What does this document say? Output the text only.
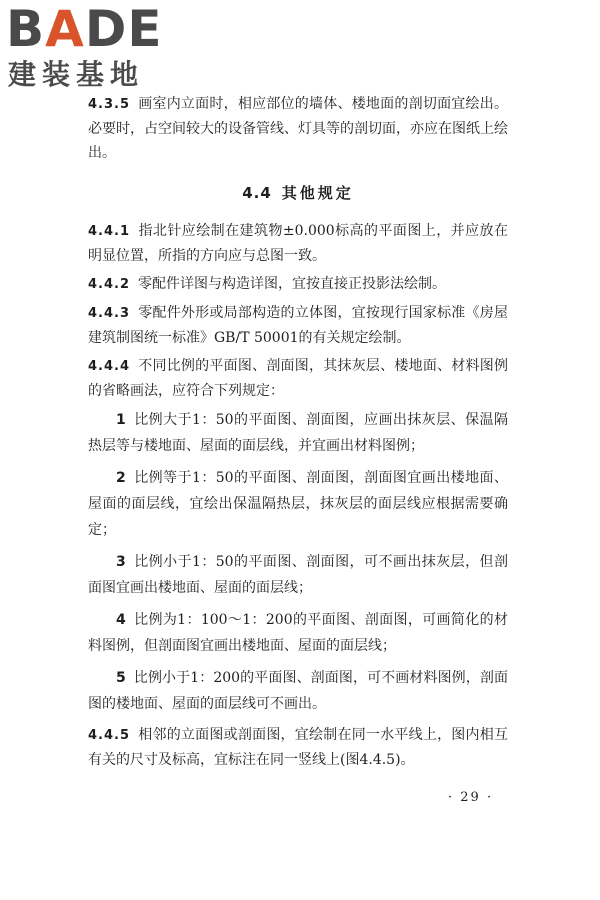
BADE
建装基地

4.3.5 画室内立面时，相应部位的墙体、楼地面的剖切面宜绘出。必要时，占空间较大的设备管线、灯具等的剖切面，亦应在图纸上绘出。

4.4 其他规定

4.4.1 指北针应绘制在建筑物±0.000标高的平面图上，并应放在明显位置，所指的方向应与总图一致。

4.4.2 零配件详图与构造详图，宜按直接正投影法绘制。

4.4.3 零配件外形或局部构造的立体图，宜按现行国家标准《房屋建筑制图统一标准》GB/T 50001的有关规定绘制。

4.4.4 不同比例的平面图、剖面图，其抹灰层、楼地面、材料图例的省略画法，应符合下列规定：

1 比例大于1：50的平面图、剖面图，应画出抹灰层、保温隔热层等与楼地面、屋面的面层线，并宜画出材料图例；

2 比例等于1：50的平面图、剖面图，剖面图宜画出楼地面、屋面的面层线，宜绘出保温隔热层，抹灰层的面层线应根据需要确定；

3 比例小于1：50的平面图、剖面图，可不画出抹灰层，但剖面图宜画出楼地面、屋面的面层线；

4 比例为1：100～1：200的平面图、剖面图，可画简化的材料图例，但剖面图宜画出楼地面、屋面的面层线；

5 比例小于1：200的平面图、剖面图，可不画材料图例，剖面图的楼地面、屋面的面层线可不画出。

4.4.5 相邻的立面图或剖面图，宜绘制在同一水平线上，图内相互有关的尺寸及标高，宜标注在同一竖线上(图4.4.5)。

· 29 ·
